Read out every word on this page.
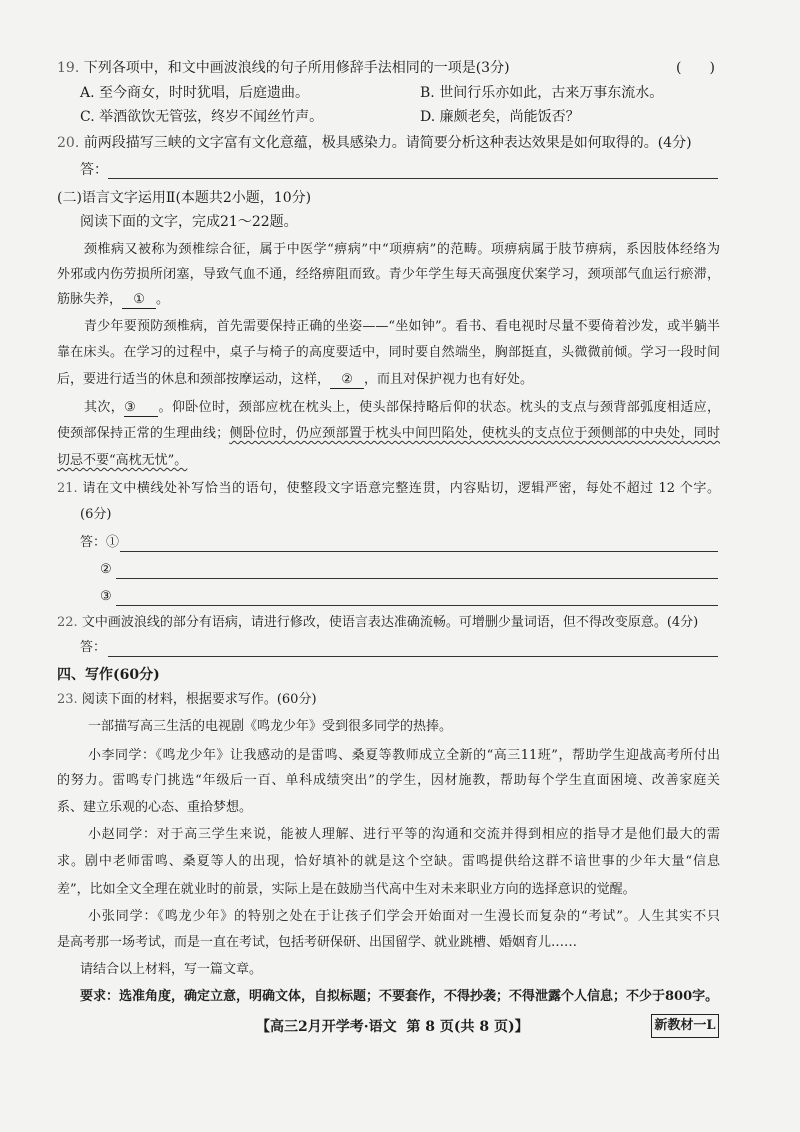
19. 下列各项中，和文中画波浪线的句子所用修辞手法相同的一项是(3分)	(　　)
A. 至今商女，时时犹唱，后庭遗曲。	B. 世间行乐亦如此，古来万事东流水。
C. 举酒欲饮无管弦，终岁不闻丝竹声。	D. 廉颇老矣，尚能饭否？
20. 前两段描写三峡的文字富有文化意蕴，极具感染力。请简要分析这种表达效果是如何取得的。(4分)
答：
(二)语言文字运用Ⅱ(本题共2小题，10分)
阅读下面的文字，完成21～22题。
颈椎病又被称为颈椎综合征，属于中医学“痹病”中“项痹病”的范畴。项痹病属于肢节痹病，系因肢体经络为
外邪或内伤劳损所闭塞，导致气血不通，经络痹阻而致。青少年学生每天高强度伏案学习，颈项部气血运行瘀滞，
筋脉失养， ① 。
青少年要预防颈椎病，首先需要保持正确的坐姿——“坐如钟”。看书、看电视时尽量不要倚着沙发，或半躺半
靠在床头。在学习的过程中，桌子与椅子的高度要适中，同时要自然端坐，胸部挺直，头微微前倾。学习一段时间
后，要进行适当的休息和颈部按摩运动，这样， ② ，而且对保护视力也有好处。
其次，③ 。仰卧位时，颈部应枕在枕头上，使头部保持略后仰的状态。枕头的支点与颈背部弧度相适应，
使颈部保持正常的生理曲线；侧卧位时，仍应颈部置于枕头中间凹陷处，使枕头的支点位于颈侧部的中央处，同时
切忌不要“高枕无忧”。
21. 请在文中横线处补写恰当的语句，使整段文字语意完整连贯，内容贴切，逻辑严密，每处不超过 12 个字。
(6分)
答：①
②
③
22. 文中画波浪线的部分有语病，请进行修改，使语言表达准确流畅。可增删少量词语，但不得改变原意。(4分)
答：
四、写作(60分)
23. 阅读下面的材料，根据要求写作。(60分)
一部描写高三生活的电视剧《鸣龙少年》受到很多同学的热捧。
小李同学：《鸣龙少年》让我感动的是雷鸣、桑夏等教师成立全新的“高三11班”，帮助学生迎战高考所付出
的努力。雷鸣专门挑选“年级后一百、单科成绩突出”的学生，因材施教，帮助每个学生直面困境、改善家庭关
系、建立乐观的心态、重拾梦想。
小赵同学：对于高三学生来说，能被人理解、进行平等的沟通和交流并得到相应的指导才是他们最大的需
求。剧中老师雷鸣、桑夏等人的出现，恰好填补的就是这个空缺。雷鸣提供给这群不谙世事的少年大量“信息
差”，比如全文全理在就业时的前景，实际上是在鼓励当代高中生对未来职业方向的选择意识的觉醒。
小张同学：《鸣龙少年》的特别之处在于让孩子们学会开始面对一生漫长而复杂的“考试”。人生其实不只
是高考那一场考试，而是一直在考试，包括考研保研、出国留学、就业跳槽、婚姻育儿……
请结合以上材料，写一篇文章。
要求：选准角度，确定立意，明确文体，自拟标题；不要套作，不得抄袭；不得泄露个人信息；不少于800字。
【高三2月开学考·语文  第 8 页(共 8 页)】	新教材一L
